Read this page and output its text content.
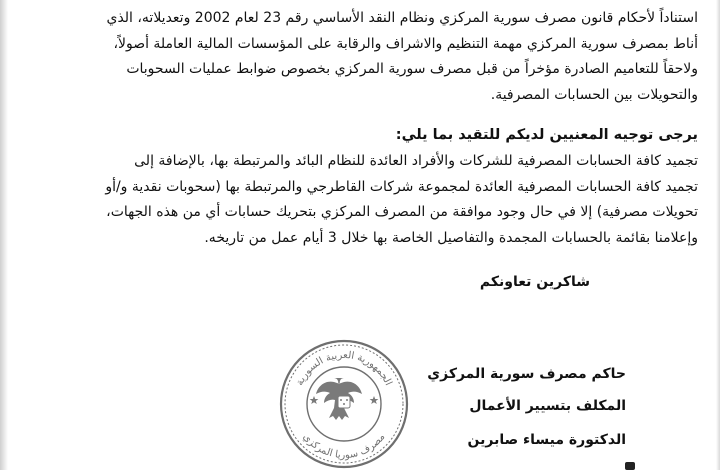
استناداً لأحكام قانون مصرف سورية المركزي ونظام النقد الأساسي رقم 23 لعام 2002 وتعديلاته، الذي
أناط بمصرف سورية المركزي مهمة التنظيم والاشراف والرقابة على المؤسسات المالية العاملة أصولاً،
ولاحقاً للتعاميم الصادرة مؤخراً من قبل مصرف سورية المركزي بخصوص ضوابط عمليات السحوبات
والتحويلات بين الحسابات المصرفية.
يرجى توجيه المعنيين لديكم للتقيد بما يلي:
تجميد كافة الحسابات المصرفية للشركات والأفراد العائدة للنظام البائد والمرتبطة بها، بالإضافة إلى
تجميد كافة الحسابات المصرفية العائدة لمجموعة شركات القاطرجي والمرتبطة بها (سحوبات نقدية و/أو
تحويلات مصرفية) إلا في حال وجود موافقة من المصرف المركزي بتحريك حسابات أي من هذه الجهات،
وإعلامنا بقائمة بالحسابات المجمدة والتفاصيل الخاصة بها خلال 3 أيام عمل من تاريخه.
شاكرين تعاونكم
الجمهورية العربية السورية
مصرف سوريا المركزي
حاكم مصرف سورية المركزي
المكلف بتسيير الأعمال
الدكتورة ميساء صابرين
